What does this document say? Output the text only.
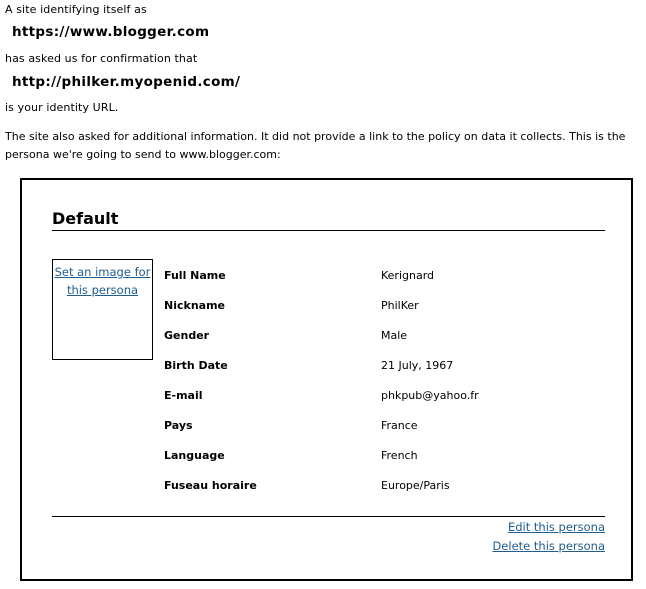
A site identifying itself as
https://www.blogger.com
has asked us for confirmation that
http://philker.myopenid.com/
is your identity URL.
The site also asked for additional information. It did not provide a link to the policy on data it collects. This is the persona we're going to send to www.blogger.com:
Default
Set an image for this persona
Full Name	Kerignard
Nickname	PhilKer
Gender	Male
Birth Date	21 July, 1967
E-mail	phkpub@yahoo.fr
Pays	France
Language	French
Fuseau horaire	Europe/Paris
Edit this persona
Delete this persona
